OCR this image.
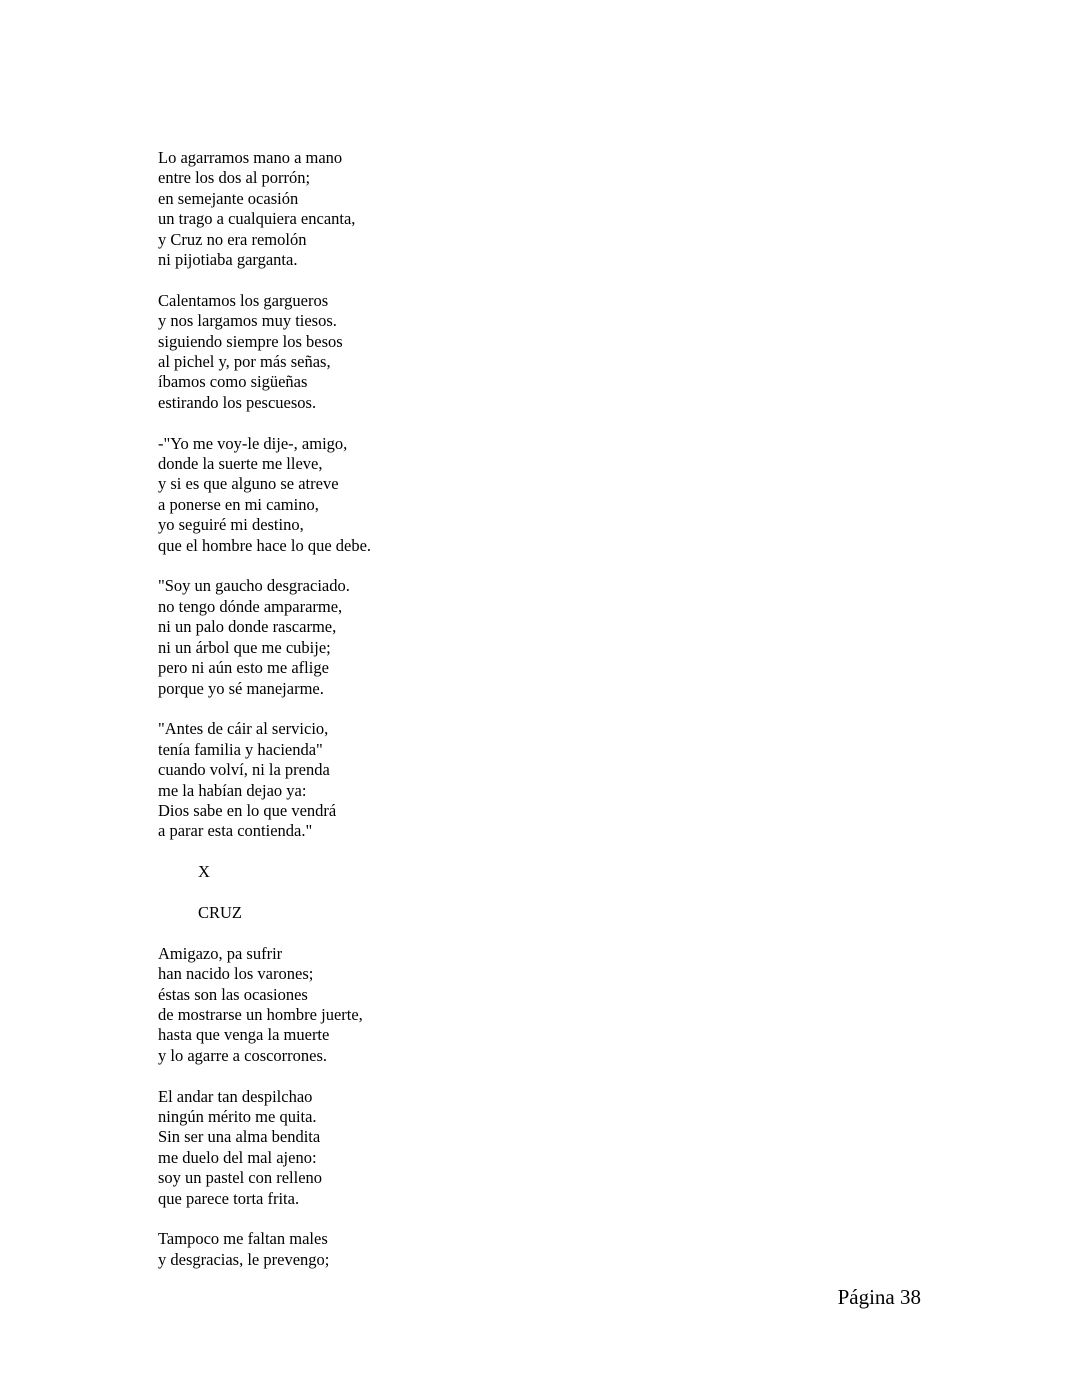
Lo agarramos mano a mano
entre los dos al porrón;
en semejante ocasión
un trago a cualquiera encanta,
y Cruz no era remolón
ni pijotiaba garganta.
Calentamos los gargueros
y nos largamos muy tiesos.
siguiendo siempre los besos
al pichel y, por más señas,
íbamos como sigüeñas
estirando los pescuesos.
-"Yo me voy-le dije-, amigo,
donde la suerte me lleve,
y si es que alguno se atreve
a ponerse en mi camino,
yo seguiré mi destino,
que el hombre hace lo que debe.
"Soy un gaucho desgraciado.
no tengo dónde ampararme,
ni un palo donde rascarme,
ni un árbol que me cubije;
pero ni aún esto me aflige
porque yo sé manejarme.
"Antes de cáir al servicio,
tenía familia y hacienda"
cuando volví, ni la prenda
me la habían dejao ya:
Dios sabe en lo que vendrá
a parar esta contienda."
X
CRUZ
Amigazo, pa sufrir
han nacido los varones;
éstas son las ocasiones
de mostrarse un hombre juerte,
hasta que venga la muerte
y lo agarre a coscorrones.
El andar tan despilchao
ningún mérito me quita.
Sin ser una alma bendita
me duelo del mal ajeno:
soy un pastel con relleno
que parece torta frita.
Tampoco me faltan males
y desgracias, le prevengo;
Página 38
